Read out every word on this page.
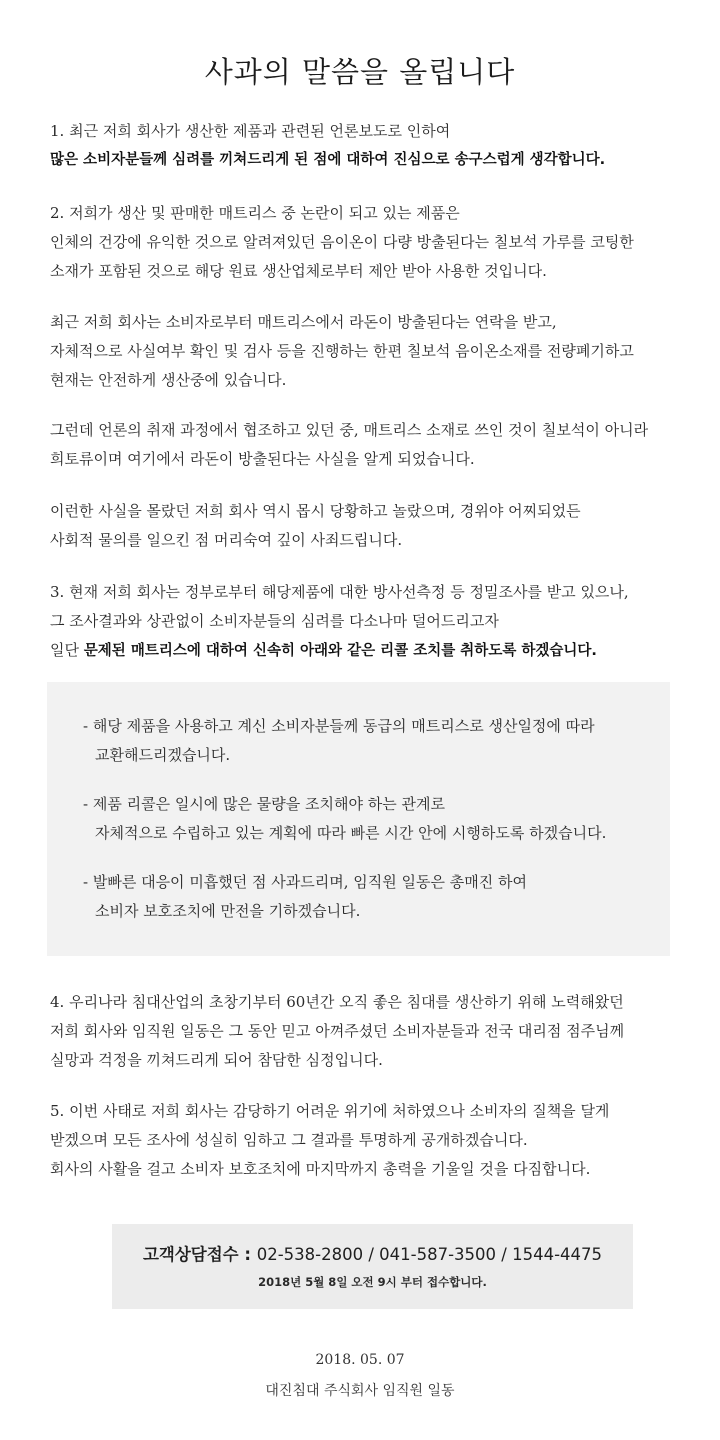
사과의 말씀을 올립니다
1. 최근 저희 회사가 생산한 제품과 관련된 언론보도로 인하여
많은 소비자분들께 심려를 끼쳐드리게 된 점에 대하여 진심으로 송구스럽게 생각합니다.
2. 저희가 생산 및 판매한 매트리스 중 논란이 되고 있는 제품은
인체의 건강에 유익한 것으로 알려져있던 음이온이 다량 방출된다는 칠보석 가루를 코팅한
소재가 포함된 것으로 해당 원료 생산업체로부터 제안 받아 사용한 것입니다.
최근 저희 회사는 소비자로부터 매트리스에서 라돈이 방출된다는 연락을 받고,
자체적으로 사실여부 확인 및 검사 등을 진행하는 한편 칠보석 음이온소재를 전량폐기하고
현재는 안전하게 생산중에 있습니다.
그런데 언론의 취재 과정에서 협조하고 있던 중, 매트리스 소재로 쓰인 것이 칠보석이 아니라
희토류이며 여기에서 라돈이 방출된다는 사실을 알게 되었습니다.
이런한 사실을 몰랐던 저희 회사 역시 몹시 당황하고 놀랐으며, 경위야 어찌되었든
사회적 물의를 일으킨 점 머리숙여 깊이 사죄드립니다.
3. 현재 저희 회사는 정부로부터 해당제품에 대한 방사선측정 등 정밀조사를 받고 있으나,
그 조사결과와 상관없이 소비자분들의 심려를 다소나마 덜어드리고자
일단 문제된 매트리스에 대하여 신속히 아래와 같은 리콜 조치를 취하도록 하겠습니다.
- 해당 제품을 사용하고 계신 소비자분들께 동급의 매트리스로 생산일정에 따라
교환해드리겠습니다.
- 제품 리콜은 일시에 많은 물량을 조치해야 하는 관계로
자체적으로 수립하고 있는 계획에 따라 빠른 시간 안에 시행하도록 하겠습니다.
- 발빠른 대응이 미흡했던 점 사과드리며, 임직원 일동은 총매진 하여
소비자 보호조치에 만전을 기하겠습니다.
4. 우리나라 침대산업의 초창기부터 60년간 오직 좋은 침대를 생산하기 위해 노력해왔던
저희 회사와 임직원 일동은 그 동안 믿고 아껴주셨던 소비자분들과 전국 대리점 점주님께
실망과 걱정을 끼쳐드리게 되어 참담한 심정입니다.
5. 이번 사태로 저희 회사는 감당하기 어려운 위기에 처하였으나 소비자의 질책을 달게
받겠으며 모든 조사에 성실히 임하고 그 결과를 투명하게 공개하겠습니다.
회사의 사활을 걸고 소비자 보호조치에 마지막까지 총력을 기울일 것을 다짐합니다.
고객상담접수 : 02-538-2800 / 041-587-3500 / 1544-4475
2018년 5월 8일 오전 9시 부터 접수합니다.
2018. 05. 07
대진침대 주식회사 임직원 일동
